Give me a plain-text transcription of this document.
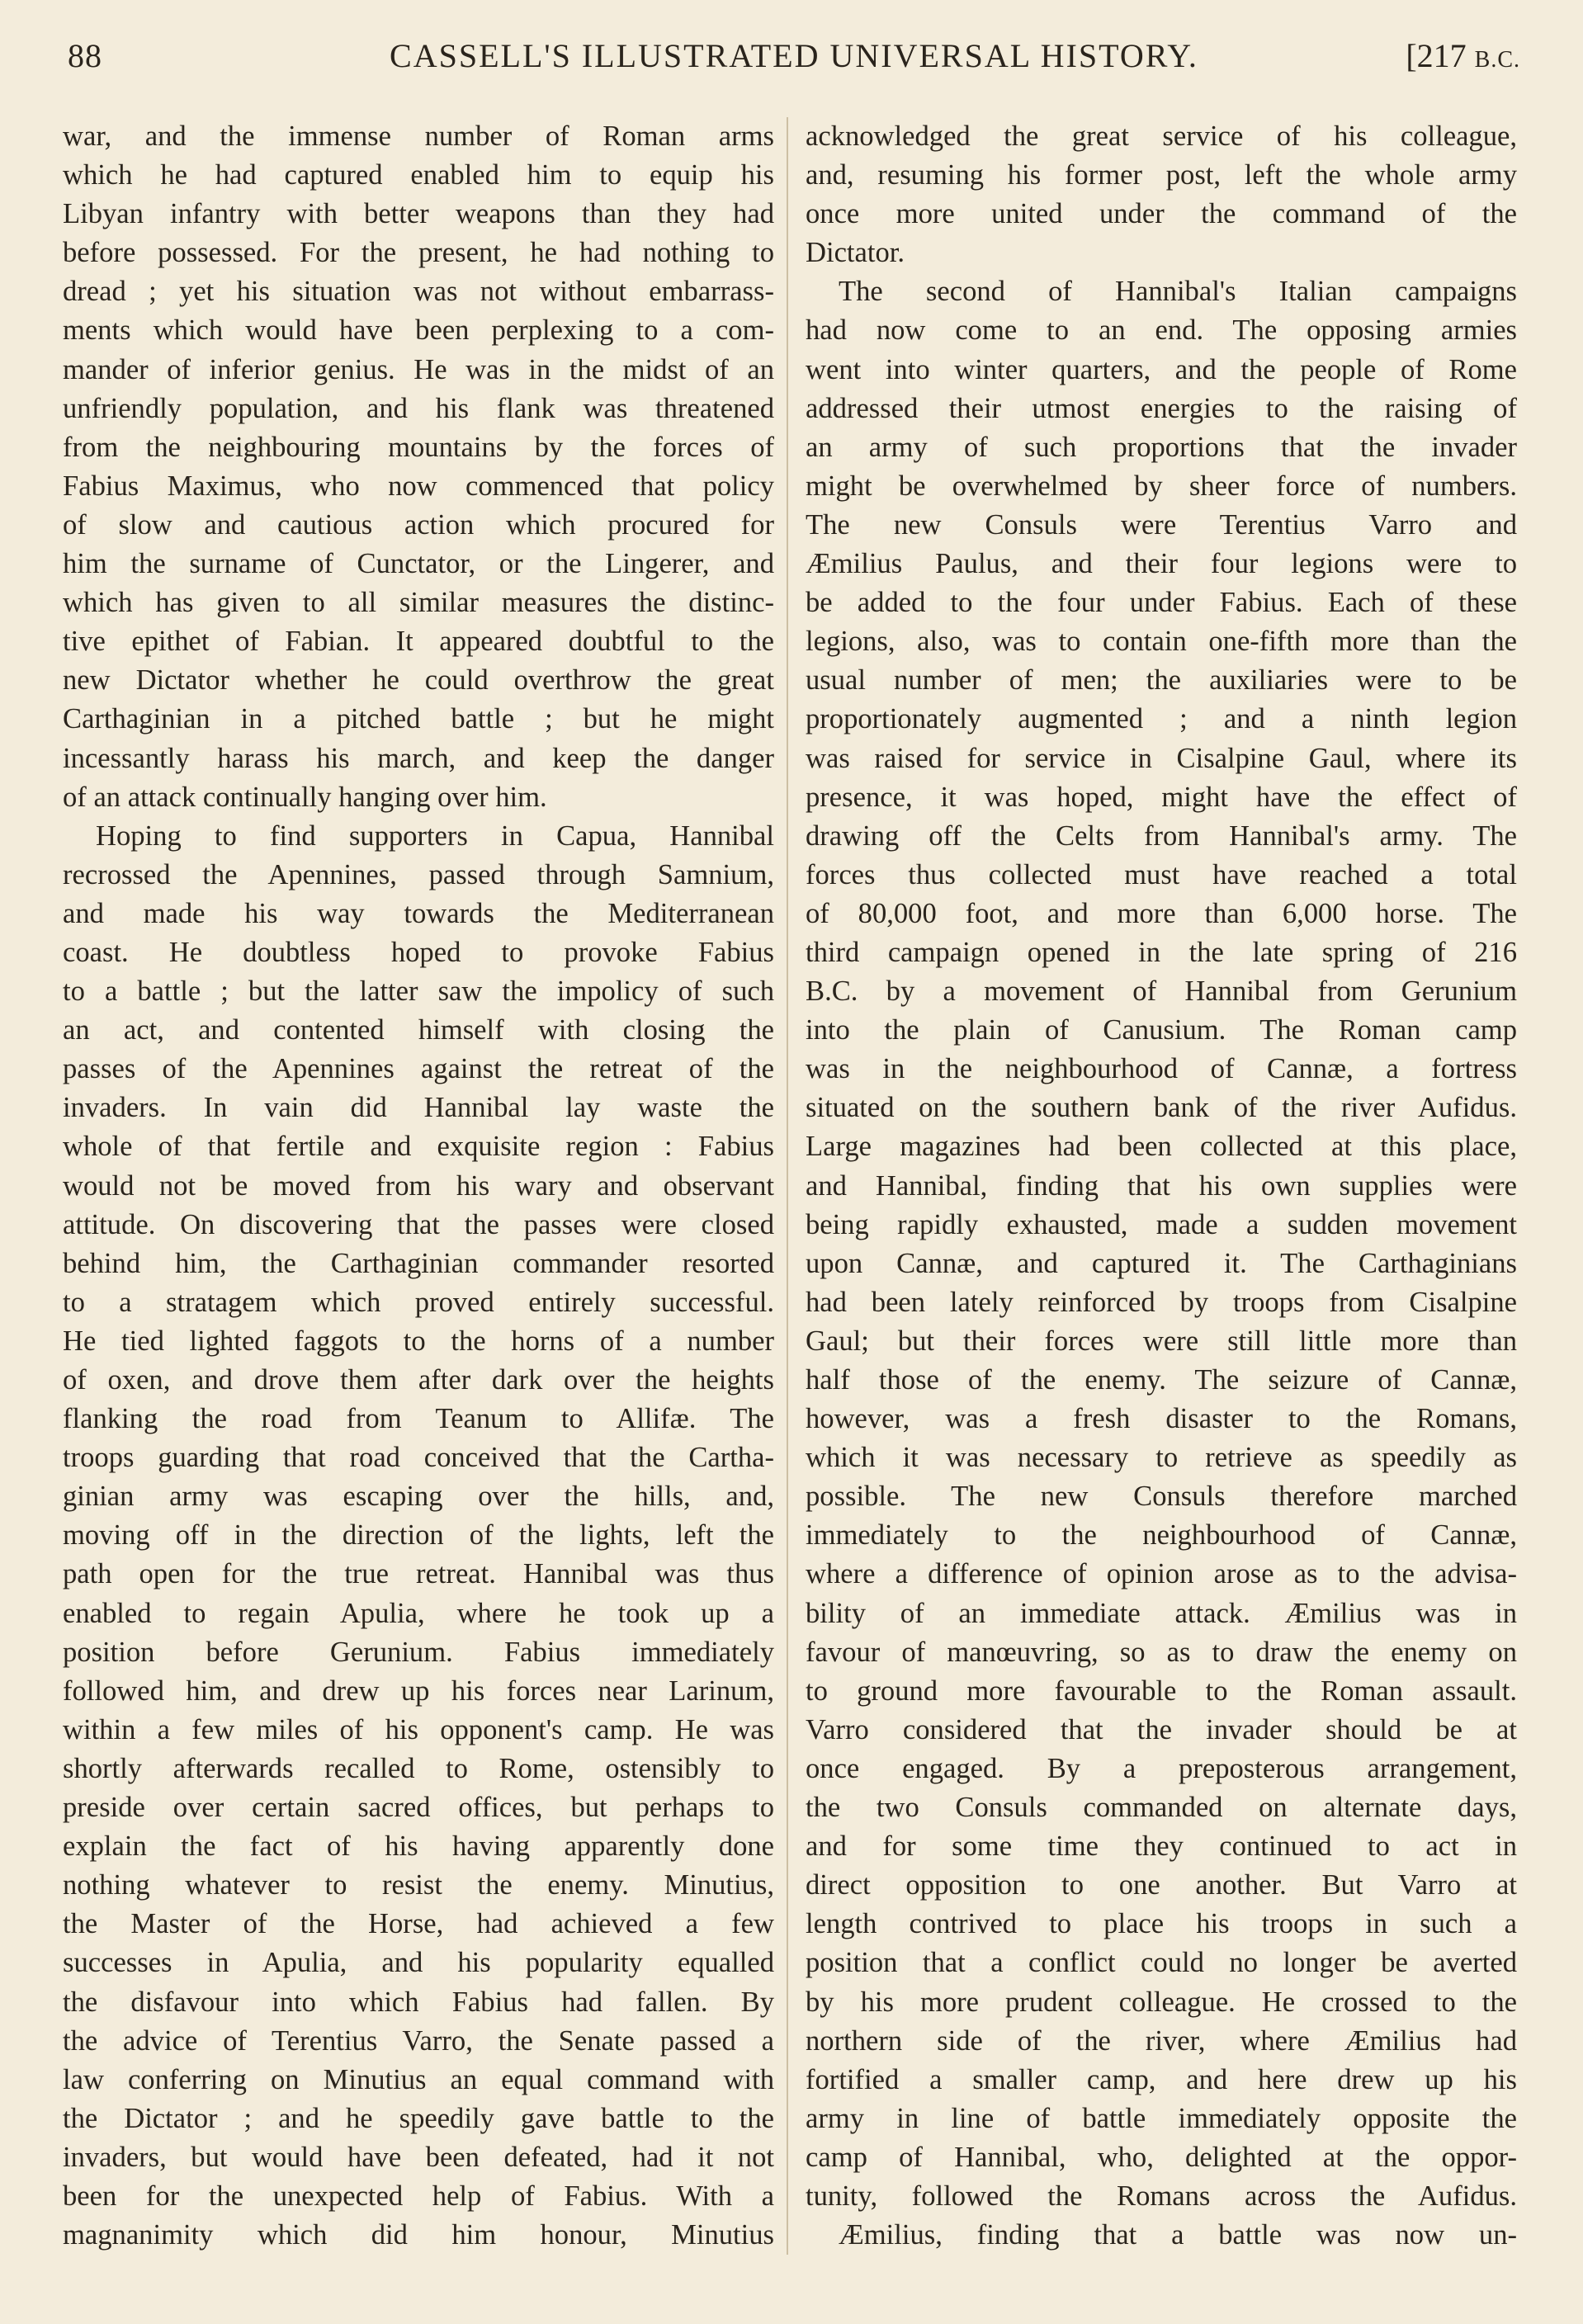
88	CASSELL'S ILLUSTRATED UNIVERSAL HISTORY.	[217 B.C.
war, and the immense number of Roman arms
which he had captured enabled him to equip his
Libyan infantry with better weapons than they had
before possessed. For the present, he had nothing to
dread ; yet his situation was not without embarrass-
ments which would have been perplexing to a com-
mander of inferior genius. He was in the midst of an
unfriendly population, and his flank was threatened
from the neighbouring mountains by the forces of
Fabius Maximus, who now commenced that policy
of slow and cautious action which procured for
him the surname of Cunctator, or the Lingerer, and
which has given to all similar measures the distinc-
tive epithet of Fabian. It appeared doubtful to the
new Dictator whether he could overthrow the great
Carthaginian in a pitched battle ; but he might
incessantly harass his march, and keep the danger
of an attack continually hanging over him.
Hoping to find supporters in Capua, Hannibal
recrossed the Apennines, passed through Samnium,
and made his way towards the Mediterranean
coast. He doubtless hoped to provoke Fabius
to a battle ; but the latter saw the impolicy of such
an act, and contented himself with closing the
passes of the Apennines against the retreat of the
invaders. In vain did Hannibal lay waste the
whole of that fertile and exquisite region : Fabius
would not be moved from his wary and observant
attitude. On discovering that the passes were closed
behind him, the Carthaginian commander resorted
to a stratagem which proved entirely successful.
He tied lighted faggots to the horns of a number
of oxen, and drove them after dark over the heights
flanking the road from Teanum to Allifæ. The
troops guarding that road conceived that the Cartha-
ginian army was escaping over the hills, and,
moving off in the direction of the lights, left the
path open for the true retreat. Hannibal was thus
enabled to regain Apulia, where he took up a
position before Gerunium. Fabius immediately
followed him, and drew up his forces near Larinum,
within a few miles of his opponent's camp. He was
shortly afterwards recalled to Rome, ostensibly to
preside over certain sacred offices, but perhaps to
explain the fact of his having apparently done
nothing whatever to resist the enemy. Minutius,
the Master of the Horse, had achieved a few
successes in Apulia, and his popularity equalled
the disfavour into which Fabius had fallen. By
the advice of Terentius Varro, the Senate passed a
law conferring on Minutius an equal command with
the Dictator ; and he speedily gave battle to the
invaders, but would have been defeated, had it not
been for the unexpected help of Fabius. With a
magnanimity which did him honour, Minutius
acknowledged the great service of his colleague,
and, resuming his former post, left the whole army
once more united under the command of the
Dictator.
The second of Hannibal's Italian campaigns
had now come to an end. The opposing armies
went into winter quarters, and the people of Rome
addressed their utmost energies to the raising of
an army of such proportions that the invader
might be overwhelmed by sheer force of numbers.
The new Consuls were Terentius Varro and
Æmilius Paulus, and their four legions were to
be added to the four under Fabius. Each of these
legions, also, was to contain one-fifth more than the
usual number of men; the auxiliaries were to be
proportionately augmented ; and a ninth legion
was raised for service in Cisalpine Gaul, where its
presence, it was hoped, might have the effect of
drawing off the Celts from Hannibal's army. The
forces thus collected must have reached a total
of 80,000 foot, and more than 6,000 horse. The
third campaign opened in the late spring of 216
B.C. by a movement of Hannibal from Gerunium
into the plain of Canusium. The Roman camp
was in the neighbourhood of Cannæ, a fortress
situated on the southern bank of the river Aufidus.
Large magazines had been collected at this place,
and Hannibal, finding that his own supplies were
being rapidly exhausted, made a sudden movement
upon Cannæ, and captured it. The Carthaginians
had been lately reinforced by troops from Cisalpine
Gaul; but their forces were still little more than
half those of the enemy. The seizure of Cannæ,
however, was a fresh disaster to the Romans,
which it was necessary to retrieve as speedily as
possible. The new Consuls therefore marched
immediately to the neighbourhood of Cannæ,
where a difference of opinion arose as to the advisa-
bility of an immediate attack. Æmilius was in
favour of manœuvring, so as to draw the enemy on
to ground more favourable to the Roman assault.
Varro considered that the invader should be at
once engaged. By a preposterous arrangement,
the two Consuls commanded on alternate days,
and for some time they continued to act in
direct opposition to one another. But Varro at
length contrived to place his troops in such a
position that a conflict could no longer be averted
by his more prudent colleague. He crossed to the
northern side of the river, where Æmilius had
fortified a smaller camp, and here drew up his
army in line of battle immediately opposite the
camp of Hannibal, who, delighted at the oppor-
tunity, followed the Romans across the Aufidus.
Æmilius, finding that a battle was now un-
